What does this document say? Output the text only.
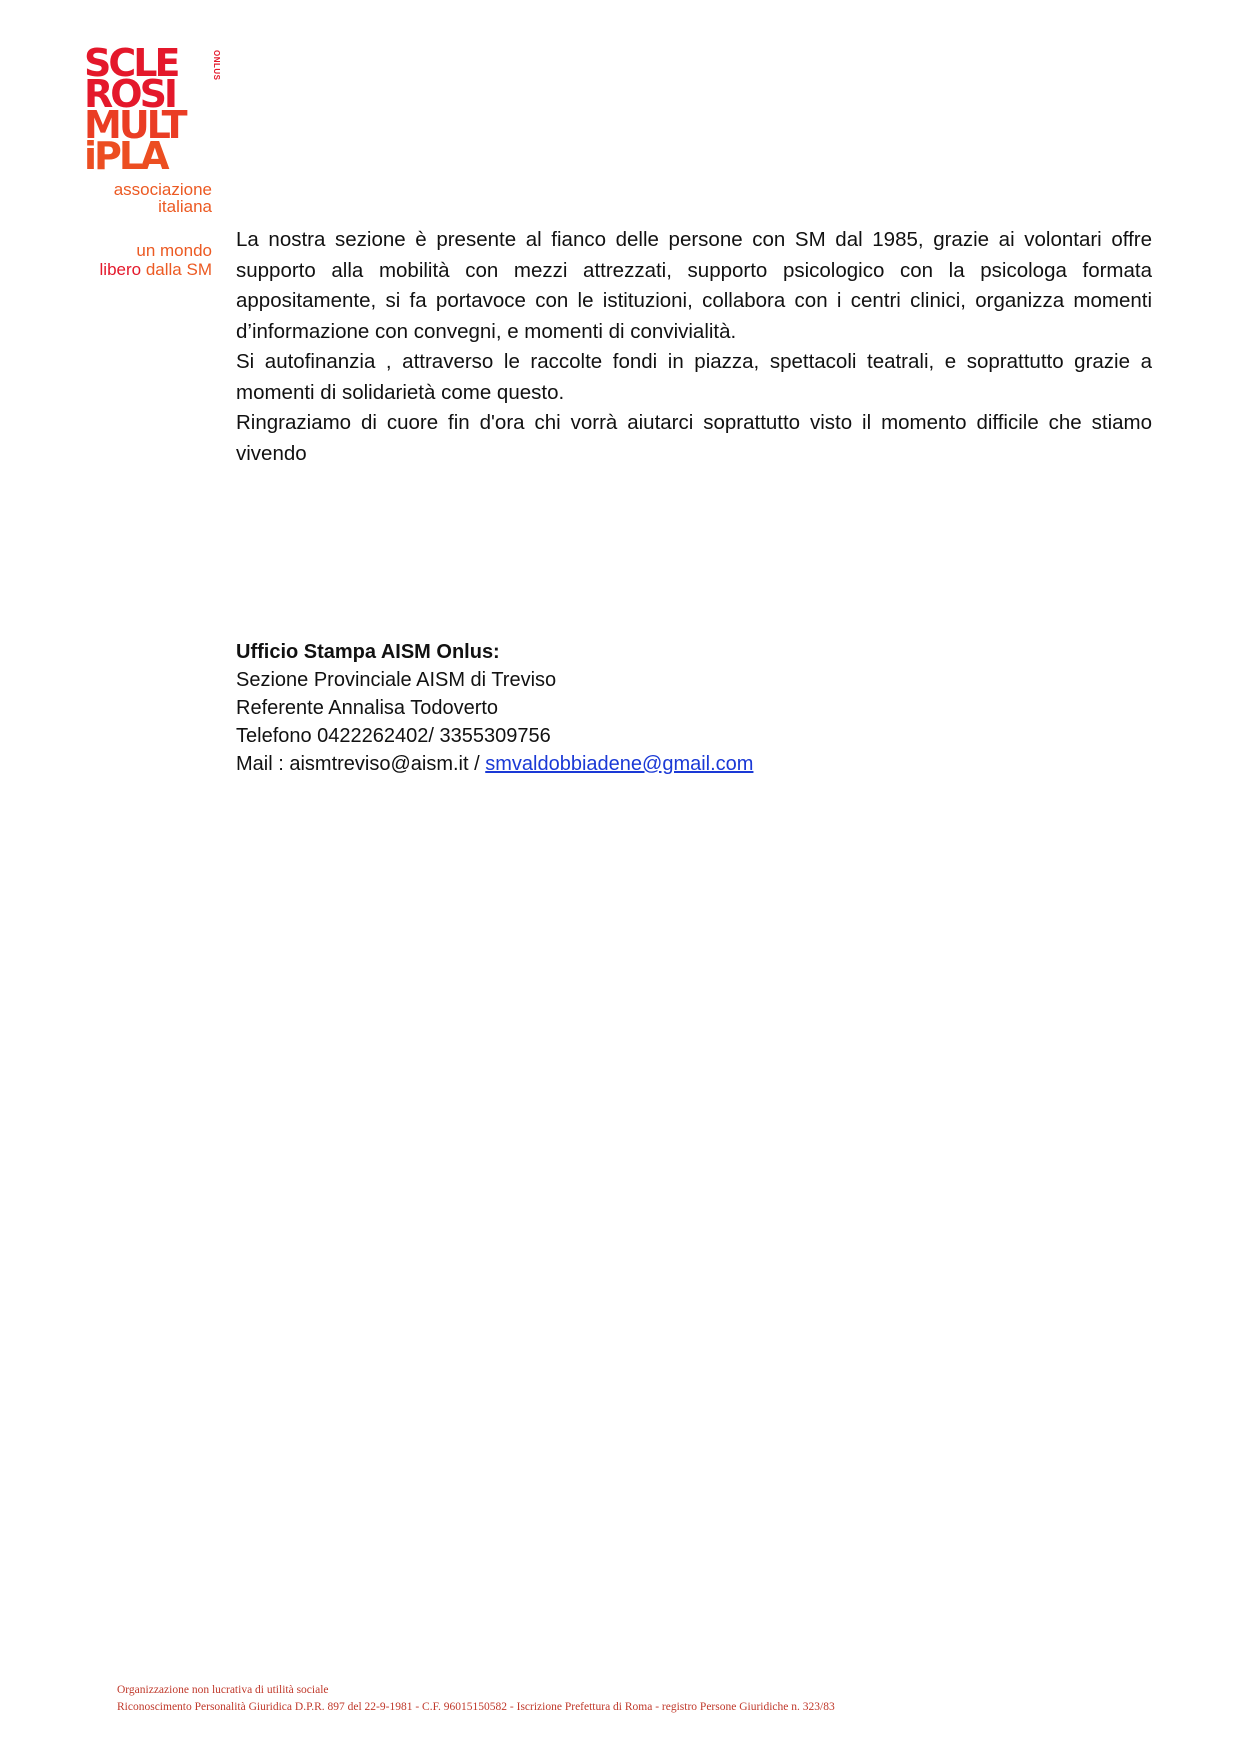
SCLE
ROSI
MULT
iPLA
ONLUS
associazione
italiana
un mondo
libero dalla SM

La nostra sezione è presente al fianco delle persone con SM dal 1985, grazie ai volontari offre supporto alla mobilità con mezzi attrezzati, supporto psicologico con la psicologa formata appositamente, si fa portavoce con le istituzioni, collabora con i centri clinici, organizza momenti d’informazione con convegni, e momenti di convivialità.

Si autofinanzia , attraverso le raccolte fondi in piazza, spettacoli teatrali, e soprattutto grazie a momenti di solidarietà come questo.

Ringraziamo di cuore fin d'ora chi vorrà aiutarci soprattutto visto il momento difficile che stiamo vivendo

Ufficio Stampa AISM Onlus:

Sezione Provinciale AISM di Treviso

Referente Annalisa Todoverto

Telefono 0422262402/ 3355309756

Mail : aismtreviso@aism.it / smvaldobbiadene@gmail.com

Organizzazione non lucrativa di utilità sociale

Riconoscimento Personalità Giuridica D.P.R. 897 del 22-9-1981 - C.F. 96015150582 - Iscrizione Prefettura di Roma - registro Persone Giuridiche n. 323/83
